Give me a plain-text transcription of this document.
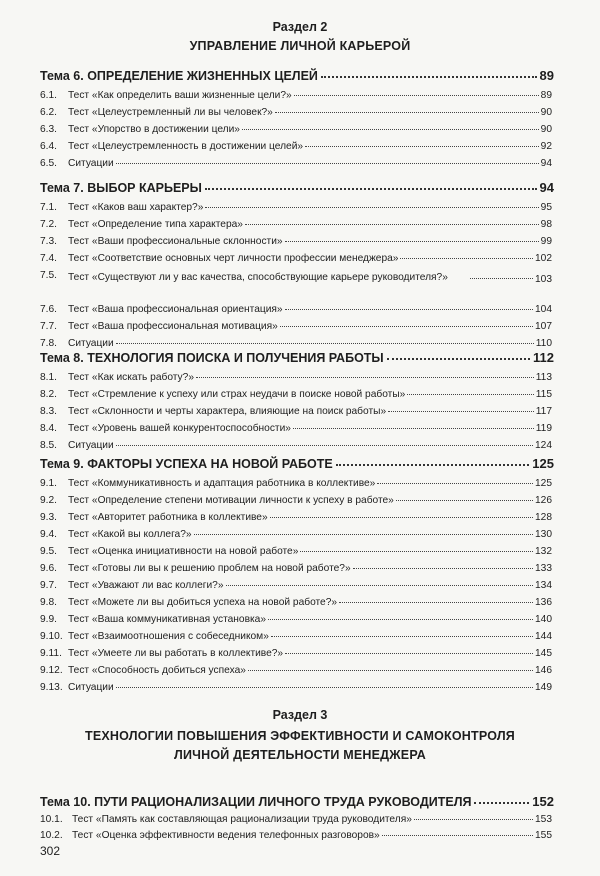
Раздел 2
УПРАВЛЕНИЕ ЛИЧНОЙ КАРЬЕРОЙ
Тема 6. ОПРЕДЕЛЕНИЕ ЖИЗНЕННЫХ ЦЕЛЕЙ	89
6.1.	Тест «Как определить ваши жизненные цели?»	89
6.2.	Тест «Целеустремленный ли вы человек?»	90
6.3.	Тест «Упорство в достижении цели»	90
6.4.	Тест «Целеустремленность в достижении целей»	92
6.5.	Ситуации	94
Тема 7. ВЫБОР КАРЬЕРЫ	94
7.1.	Тест «Каков ваш характер?»	95
7.2.	Тест «Определение типа характера»	98
7.3.	Тест «Ваши профессиональные склонности»	99
7.4.	Тест «Соответствие основных черт личности профессии менеджера»	102
7.5.	Тест «Существуют ли у вас качества, способствующие карьере руководителя?»	103
7.6.	Тест «Ваша профессиональная ориентация»	104
7.7.	Тест «Ваша профессиональная мотивация»	107
7.8.	Ситуации	110
Тема 8. ТЕХНОЛОГИЯ ПОИСКА И ПОЛУЧЕНИЯ РАБОТЫ	112
8.1.	Тест «Как искать работу?»	113
8.2.	Тест «Стремление к успеху или страх неудачи в поиске новой работы»	115
8.3.	Тест «Склонности и черты характера, влияющие на поиск работы»	117
8.4.	Тест «Уровень вашей конкурентоспособности»	119
8.5.	Ситуации	124
Тема 9. ФАКТОРЫ УСПЕХА НА НОВОЙ РАБОТЕ	125
9.1.	Тест «Коммуникативность и адаптация работника в коллективе»	125
9.2.	Тест «Определение степени мотивации личности к успеху в работе»	126
9.3.	Тест «Авторитет работника в коллективе»	128
9.4.	Тест «Какой вы коллега?»	130
9.5.	Тест «Оценка инициативности на новой работе»	132
9.6.	Тест «Готовы ли вы к решению проблем на новой работе?»	133
9.7.	Тест «Уважают ли вас коллеги?»	134
9.8.	Тест «Можете ли вы добиться успеха на новой работе?»	136
9.9.	Тест «Ваша коммуникативная установка»	140
9.10. Тест «Взаимоотношения с собеседником»	144
9.11. Тест «Умеете ли вы работать в коллективе?»	145
9.12. Тест «Способность добиться успеха»	146
9.13. Ситуации	149
Раздел 3
ТЕХНОЛОГИИ ПОВЫШЕНИЯ ЭФФЕКТИВНОСТИ И САМОКОНТРОЛЯ
ЛИЧНОЙ ДЕЯТЕЛЬНОСТИ МЕНЕДЖЕРА
Тема 10. ПУТИ РАЦИОНАЛИЗАЦИИ ЛИЧНОГО ТРУДА РУКОВОДИТЕЛЯ	152
10.1. Тест «Память как составляющая рационализации труда руководителя»	153
10.2. Тест «Оценка эффективности ведения телефонных разговоров»	155
302
